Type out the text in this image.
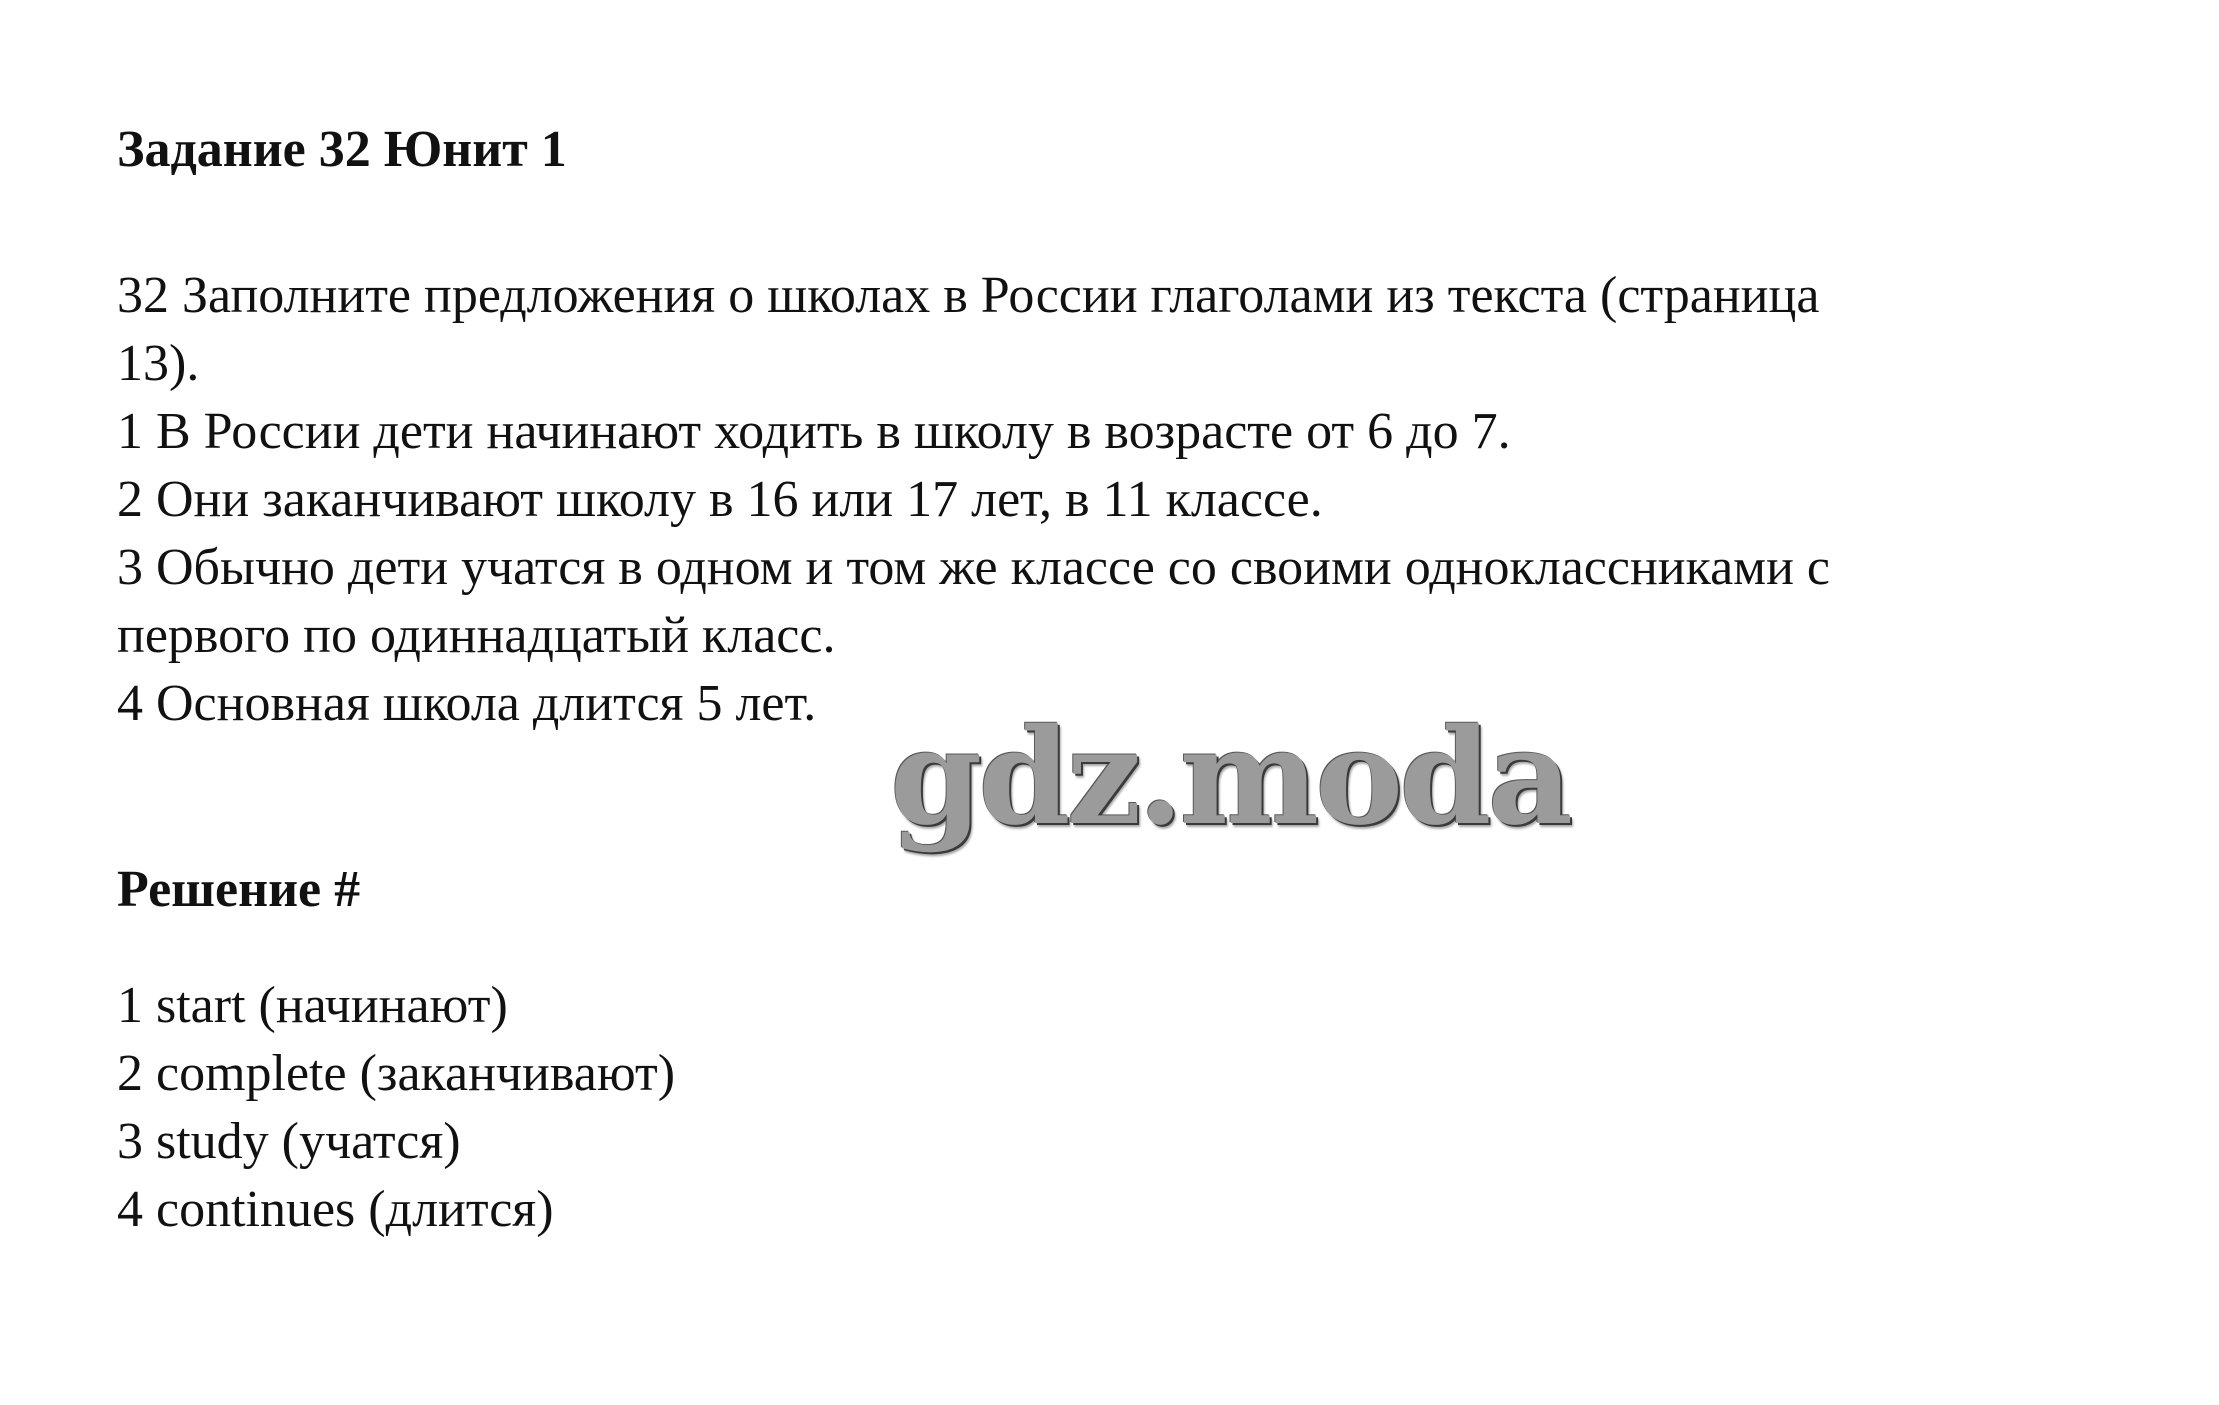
Задание 32 Юнит 1
32 Заполните предложения о школах в России глаголами из текста (страница
13).
1 В России дети начинают ходить в школу в возрасте от 6 до 7.
2 Они заканчивают школу в 16 или 17 лет, в 11 классе.
3 Обычно дети учатся в одном и том же классе со своими одноклассниками с
первого по одиннадцатый класс.
4 Основная школа длится 5 лет. gdz.moda
Решение #
1 start (начинают)
2 complete (заканчивают)
3 study (учатся)
4 continues (длится)
